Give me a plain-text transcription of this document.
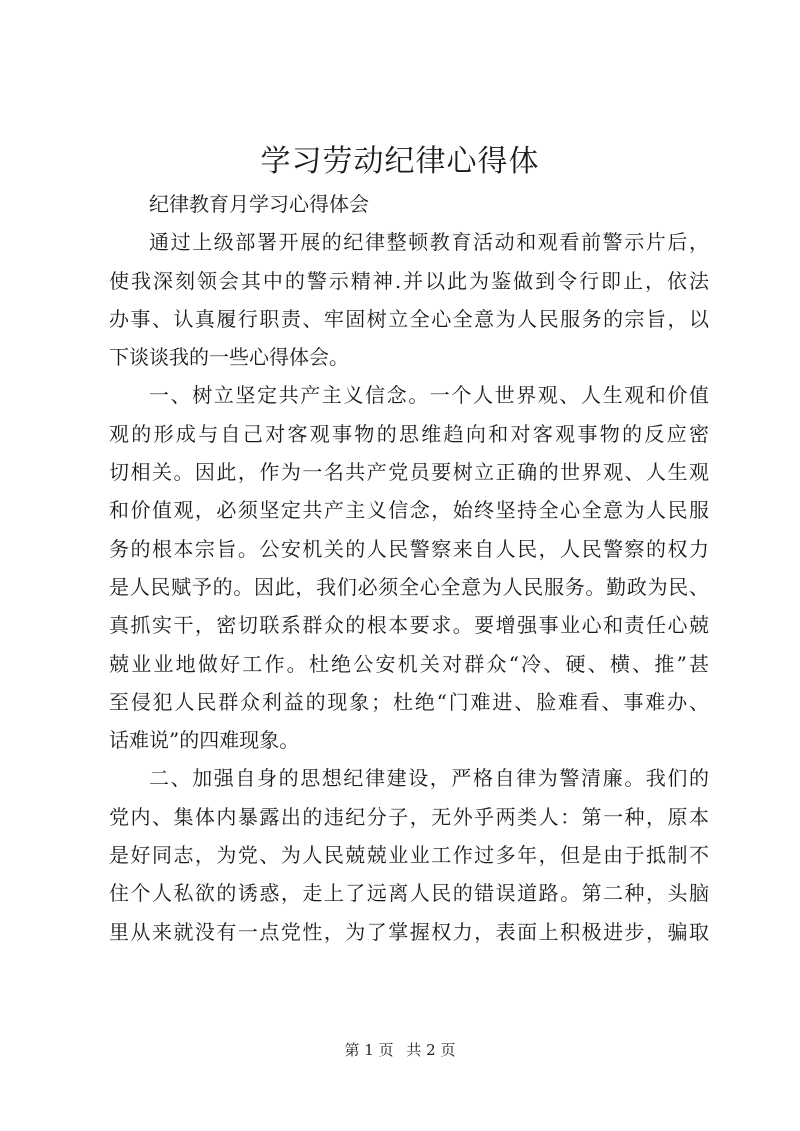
学习劳动纪律心得体
纪律教育月学习心得体会
通过上级部署开展的纪律整顿教育活动和观看前警示片后，
使我深刻领会其中的警示精神.并以此为鉴做到令行即止，依法
办事、认真履行职责、牢固树立全心全意为人民服务的宗旨，以
下谈谈我的一些心得体会。
一、树立坚定共产主义信念。一个人世界观、人生观和价值
观的形成与自己对客观事物的思维趋向和对客观事物的反应密
切相关。因此，作为一名共产党员要树立正确的世界观、人生观
和价值观，必须坚定共产主义信念，始终坚持全心全意为人民服
务的根本宗旨。公安机关的人民警察来自人民，人民警察的权力
是人民赋予的。因此，我们必须全心全意为人民服务。勤政为民、
真抓实干，密切联系群众的根本要求。要增强事业心和责任心兢
兢业业地做好工作。杜绝公安机关对群众“冷、硬、横、推”甚
至侵犯人民群众利益的现象；杜绝“门难进、脸难看、事难办、
话难说”的四难现象。
二、加强自身的思想纪律建设，严格自律为警清廉。我们的
党内、集体内暴露出的违纪分子，无外乎两类人：第一种，原本
是好同志，为党、为人民兢兢业业工作过多年，但是由于抵制不
住个人私欲的诱惑，走上了远离人民的错误道路。第二种，头脑
里从来就没有一点党性，为了掌握权力，表面上积极进步，骗取
第 1 页 共 2 页
